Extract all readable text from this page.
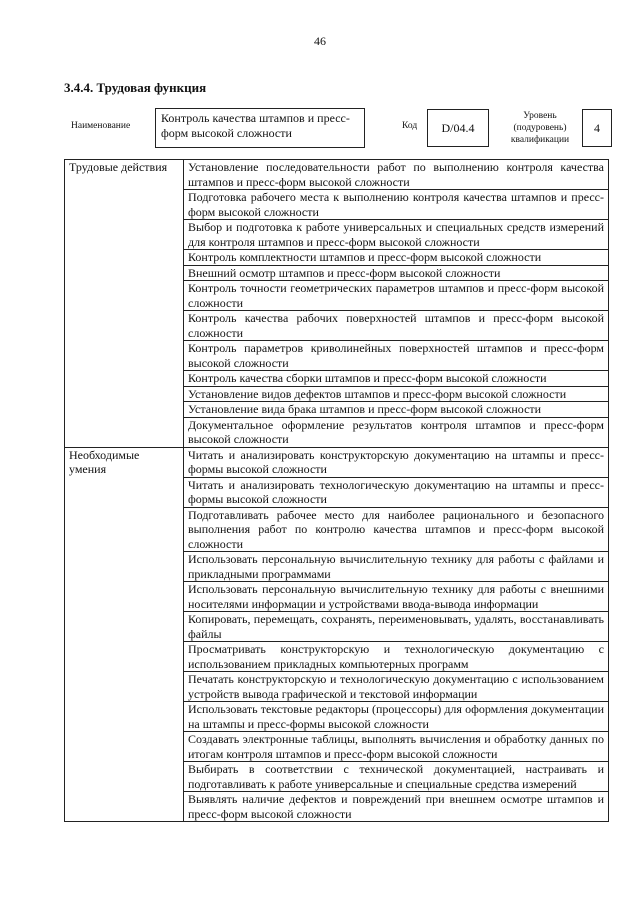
46
3.4.4. Трудовая функция
Наименование
Контроль качества штампов и пресс-форм высокой сложности	Код	D/04.4
Уровень (подуровень) квалификации
4
Трудовые действия	Установление последовательности работ по выполнению контроля качества штампов и пресс-форм высокой сложности
	Подготовка рабочего места к выполнению контроля качества штампов и пресс-форм высокой сложности
	Выбор и подготовка к работе универсальных и специальных средств измерений для контроля штампов и пресс-форм высокой сложности
	Контроль комплектности штампов и пресс-форм высокой сложности
	Внешний осмотр штампов и пресс-форм высокой сложности
	Контроль точности геометрических параметров штампов и пресс-форм высокой сложности
	Контроль качества рабочих поверхностей штампов и пресс-форм высокой сложности
	Контроль параметров криволинейных поверхностей штампов и пресс-форм высокой сложности
	Контроль качества сборки штампов и пресс-форм высокой сложности
	Установление видов дефектов штампов и пресс-форм высокой сложности
	Установление вида брака штампов и пресс-форм высокой сложности
	Документальное оформление результатов контроля штампов и пресс-форм высокой сложности
Необходимые умения	Читать и анализировать конструкторскую документацию на штампы и пресс-формы высокой сложности
	Читать и анализировать технологическую документацию на штампы и пресс-формы высокой сложности
	Подготавливать рабочее место для наиболее рационального и безопасного выполнения работ по контролю качества штампов и пресс-форм высокой сложности
	Использовать персональную вычислительную технику для работы с файлами и прикладными программами
	Использовать персональную вычислительную технику для работы с внешними носителями информации и устройствами ввода-вывода информации
	Копировать, перемещать, сохранять, переименовывать, удалять, восстанавливать файлы
	Просматривать конструкторскую и технологическую документацию с использованием прикладных компьютерных программ
	Печатать конструкторскую и технологическую документацию с использованием устройств вывода графической и текстовой информации
	Использовать текстовые редакторы (процессоры) для оформления документации на штампы и пресс-формы высокой сложности
	Создавать электронные таблицы, выполнять вычисления и обработку данных по итогам контроля штампов и пресс-форм высокой сложности
	Выбирать в соответствии с технической документацией, настраивать и подготавливать к работе универсальные и специальные средства измерений
	Выявлять наличие дефектов и повреждений при внешнем осмотре штампов и пресс-форм высокой сложности
